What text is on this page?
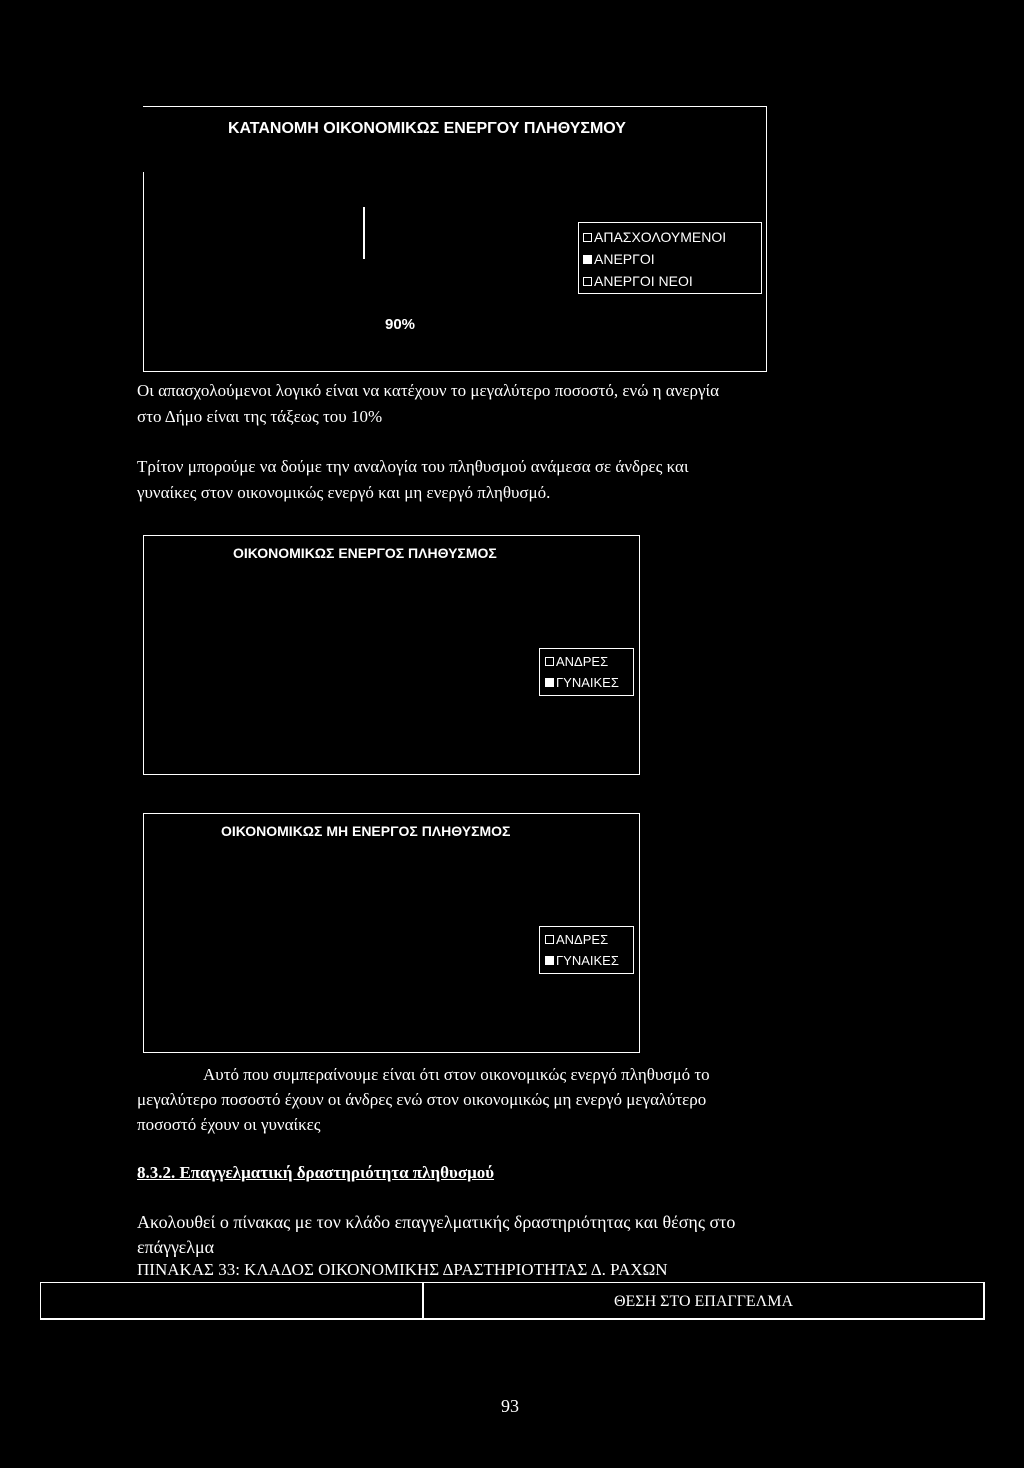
ΚΑΤΑΝΟΜΗ ΟΙΚΟΝΟΜΙΚΩΣ ΕΝΕΡΓΟΥ ΠΛΗΘΥΣΜΟΥ
90%
ΑΠΑΣΧΟΛΟΥΜΕΝΟΙ
ΑΝΕΡΓΟΙ
ΑΝΕΡΓΟΙ ΝΕΟΙ
Οι απασχολούμενοι λογικό είναι να κατέχουν το μεγαλύτερο ποσοστό, ενώ η ανεργία
στο Δήμο είναι της τάξεως του 10%
Τρίτον μπορούμε να δούμε την αναλογία του πληθυσμού ανάμεσα σε άνδρες και
γυναίκες στον οικονομικώς ενεργό και μη ενεργό πληθυσμό.
ΟΙΚΟΝΟΜΙΚΩΣ ΕΝΕΡΓΟΣ ΠΛΗΘΥΣΜΟΣ
ΑΝΔΡΕΣ
ΓΥΝΑΙΚΕΣ
ΟΙΚΟΝΟΜΙΚΩΣ ΜΗ ΕΝΕΡΓΟΣ ΠΛΗΘΥΣΜΟΣ
ΑΝΔΡΕΣ
ΓΥΝΑΙΚΕΣ
Αυτό που συμπεραίνουμε είναι ότι στον οικονομικώς ενεργό πληθυσμό το
μεγαλύτερο ποσοστό έχουν οι άνδρες ενώ στον οικονομικώς μη ενεργό μεγαλύτερο
ποσοστό έχουν οι γυναίκες
8.3.2. Επαγγελματική δραστηριότητα πληθυσμού
Ακολουθεί ο πίνακας με τον κλάδο επαγγελματικής δραστηριότητας και θέσης στο
επάγγελμα
ΠΙΝΑΚΑΣ 33: ΚΛΑΔΟΣ ΟΙΚΟΝΟΜΙΚΗΣ ΔΡΑΣΤΗΡΙΟΤΗΤΑΣ Δ. ΡΑΧΩΝ
ΘΕΣΗ ΣΤΟ ΕΠΑΓΓΕΛΜΑ
93
